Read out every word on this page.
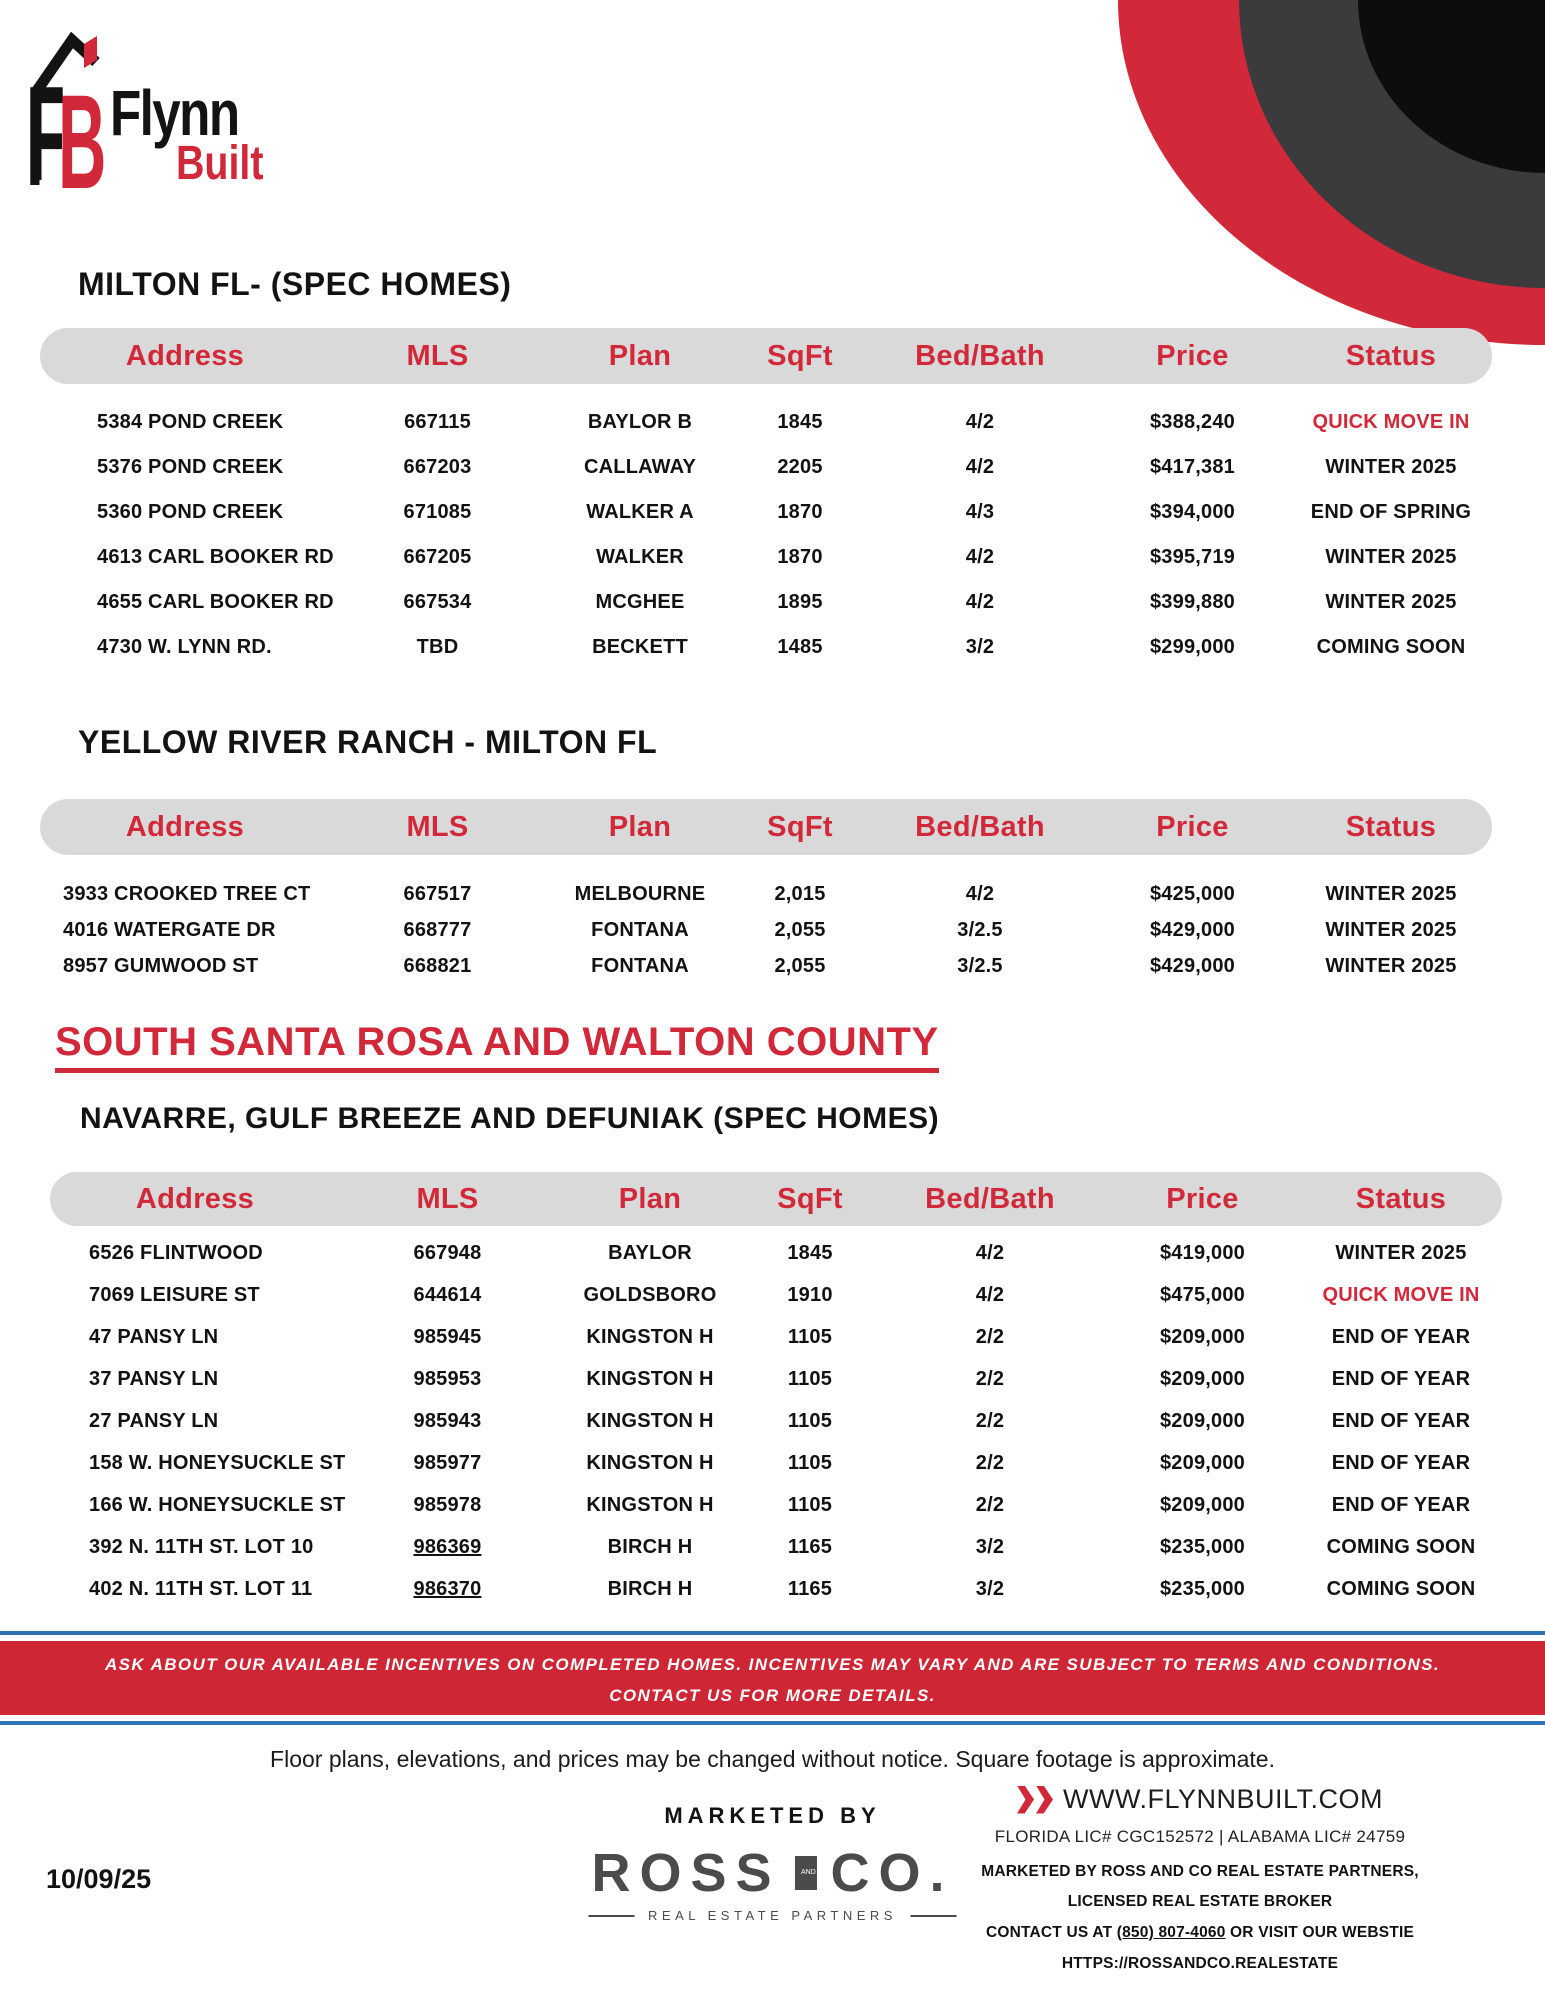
F
B Flynn
Built
MILTON FL- (SPEC HOMES)
Address	MLS	Plan	SqFt	Bed/Bath	Price	Status
5384 POND CREEK	667115	BAYLOR B	1845	4/2	$388,240	QUICK MOVE IN
5376 POND CREEK	667203	CALLAWAY	2205	4/2	$417,381	WINTER 2025
5360 POND CREEK	671085	WALKER A	1870	4/3	$394,000	END OF SPRING
4613 CARL BOOKER RD	667205	WALKER	1870	4/2	$395,719	WINTER 2025
4655 CARL BOOKER RD	667534	MCGHEE	1895	4/2	$399,880	WINTER 2025
4730 W. LYNN RD.	TBD	BECKETT	1485	3/2	$299,000	COMING SOON
YELLOW RIVER RANCH - MILTON FL
Address	MLS	Plan	SqFt	Bed/Bath	Price	Status
3933 CROOKED TREE CT	667517	MELBOURNE	2,015	4/2	$425,000	WINTER 2025
4016 WATERGATE DR	668777	FONTANA	2,055	3/2.5	$429,000	WINTER 2025
8957 GUMWOOD ST	668821	FONTANA	2,055	3/2.5	$429,000	WINTER 2025
SOUTH SANTA ROSA AND WALTON COUNTY
NAVARRE, GULF BREEZE AND DEFUNIAK (SPEC HOMES)
Address	MLS	Plan	SqFt	Bed/Bath	Price	Status
6526 FLINTWOOD	667948	BAYLOR	1845	4/2	$419,000	WINTER 2025
7069 LEISURE ST	644614	GOLDSBORO	1910	4/2	$475,000	QUICK MOVE IN
47 PANSY LN	985945	KINGSTON H	1105	2/2	$209,000	END OF YEAR
37 PANSY LN	985953	KINGSTON H	1105	2/2	$209,000	END OF YEAR
27 PANSY LN	985943	KINGSTON H	1105	2/2	$209,000	END OF YEAR
158 W. HONEYSUCKLE ST	985977	KINGSTON H	1105	2/2	$209,000	END OF YEAR
166 W. HONEYSUCKLE ST	985978	KINGSTON H	1105	2/2	$209,000	END OF YEAR
392 N. 11TH ST. LOT 10	986369	BIRCH H	1165	3/2	$235,000	COMING SOON
402 N. 11TH ST. LOT 11	986370	BIRCH H	1165	3/2	$235,000	COMING SOON
ASK ABOUT OUR AVAILABLE INCENTIVES ON COMPLETED HOMES. INCENTIVES MAY VARY AND ARE SUBJECT TO TERMS AND CONDITIONS.
CONTACT US FOR MORE DETAILS.
Floor plans, elevations, and prices may be changed without notice. Square footage is approximate.
10/09/25
MARKETED BY
ROSS	AND CO.
REAL ESTATE PARTNERS
WWW.FLYNNBUILT.COM
FLORIDA LIC# CGC152572 | ALABAMA LIC# 24759
MARKETED BY ROSS AND CO REAL ESTATE PARTNERS,
LICENSED REAL ESTATE BROKER
CONTACT US AT (850) 807-4060 OR VISIT OUR WEBSTIE
HTTPS://ROSSANDCO.REALESTATE
